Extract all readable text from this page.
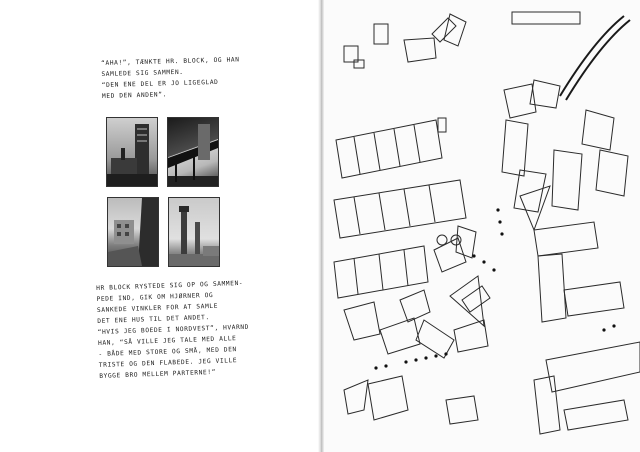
“AHA!”, TÆNKTE HR. BLOCK, OG HAN
SAMLEDE SIG SAMMEN.
“DEN ENE DEL ER JO LIGEGLAD
MED DEN ANDEN”.
HR BLOCK RYSTEDE SIG OP OG SAMMEN-
PEDE IND, GIK OM HJØRNER OG
SANKEDE VINKLER FOR AT SAMLE
DET ENE HUS TIL DET ANDET.
“HVIS JEG BOEDE I NORDVEST”, HVARND
HAN, “SÅ VILLE JEG TALE MED ALLE
- BÅDE MED STORE OG SMÅ, MED DEN
TRISTE OG DEN FLABEDE. JEG VILLE
BYGGE BRO MELLEM PARTERNE!”
